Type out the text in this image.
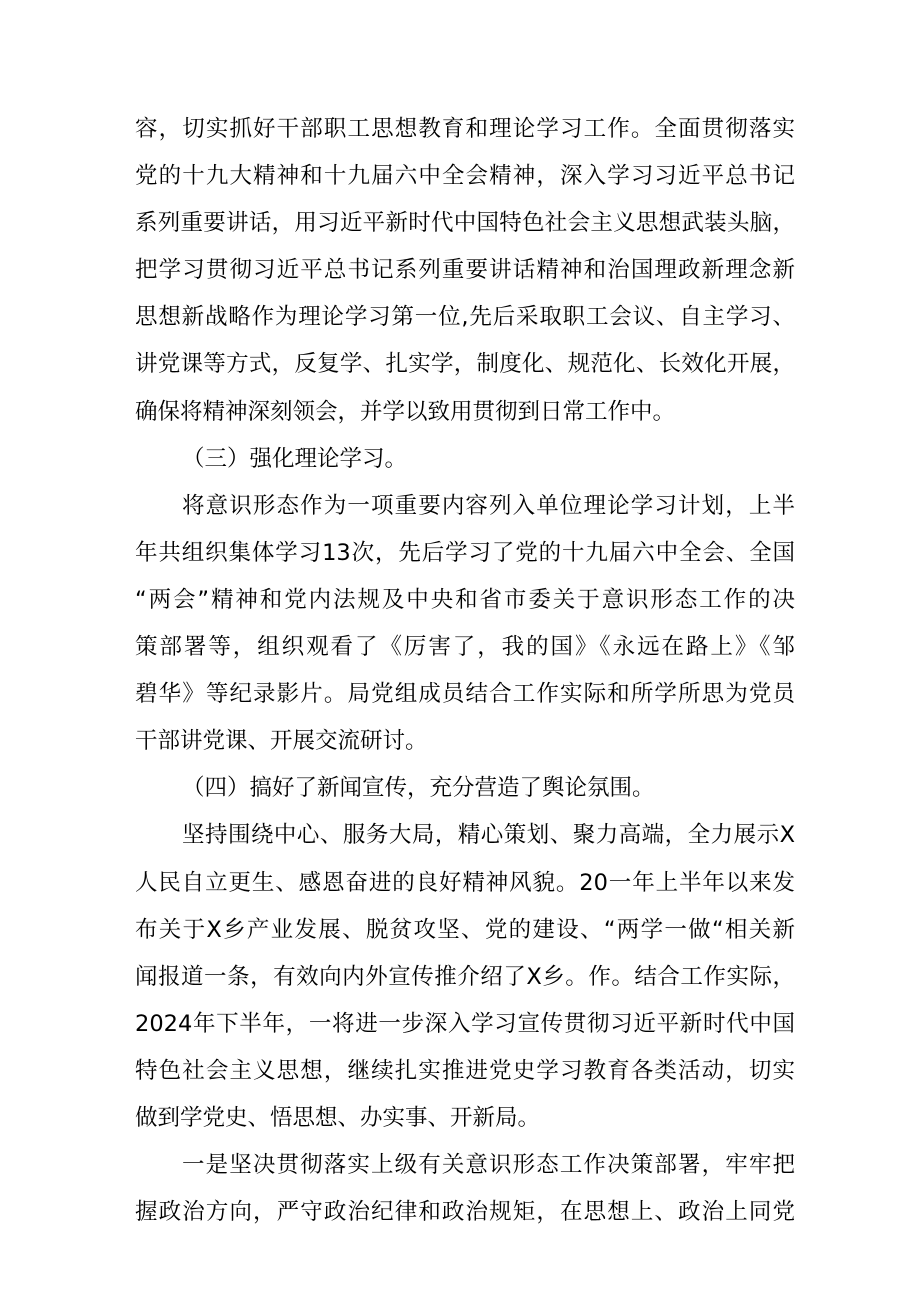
容，切实抓好干部职工思想教育和理论学习工作。全面贯彻落实
党的十九大精神和十九届六中全会精神，深入学习习近平总书记
系列重要讲话，用习近平新时代中国特色社会主义思想武装头脑，
把学习贯彻习近平总书记系列重要讲话精神和治国理政新理念新
思想新战略作为理论学习第一位,先后采取职工会议、自主学习、
讲党课等方式，反复学、扎实学，制度化、规范化、长效化开展，
确保将精神深刻领会，并学以致用贯彻到日常工作中。
（三）强化理论学习。
将意识形态作为一项重要内容列入单位理论学习计划，上半
年共组织集体学习13次，先后学习了党的十九届六中全会、全国
“两会”精神和党内法规及中央和省市委关于意识形态工作的决
策部署等，组织观看了《厉害了，我的国》《永远在路上》《邹
碧华》等纪录影片。局党组成员结合工作实际和所学所思为党员
干部讲党课、开展交流研讨。
（四）搞好了新闻宣传，充分营造了舆论氛围。
坚持围绕中心、服务大局，精心策划、聚力高端，全力展示X
人民自立更生、感恩奋进的良好精神风貌。20一年上半年以来发
布关于X乡产业发展、脱贫攻坚、党的建设、“两学一做“相关新
闻报道一条，有效向内外宣传推介绍了X乡。作。结合工作实际，
2024年下半年，一将进一步深入学习宣传贯彻习近平新时代中国
特色社会主义思想，继续扎实推进党史学习教育各类活动，切实
做到学党史、悟思想、办实事、开新局。
一是坚决贯彻落实上级有关意识形态工作决策部署，牢牢把
握政治方向，严守政治纪律和政治规矩，在思想上、政治上同党
